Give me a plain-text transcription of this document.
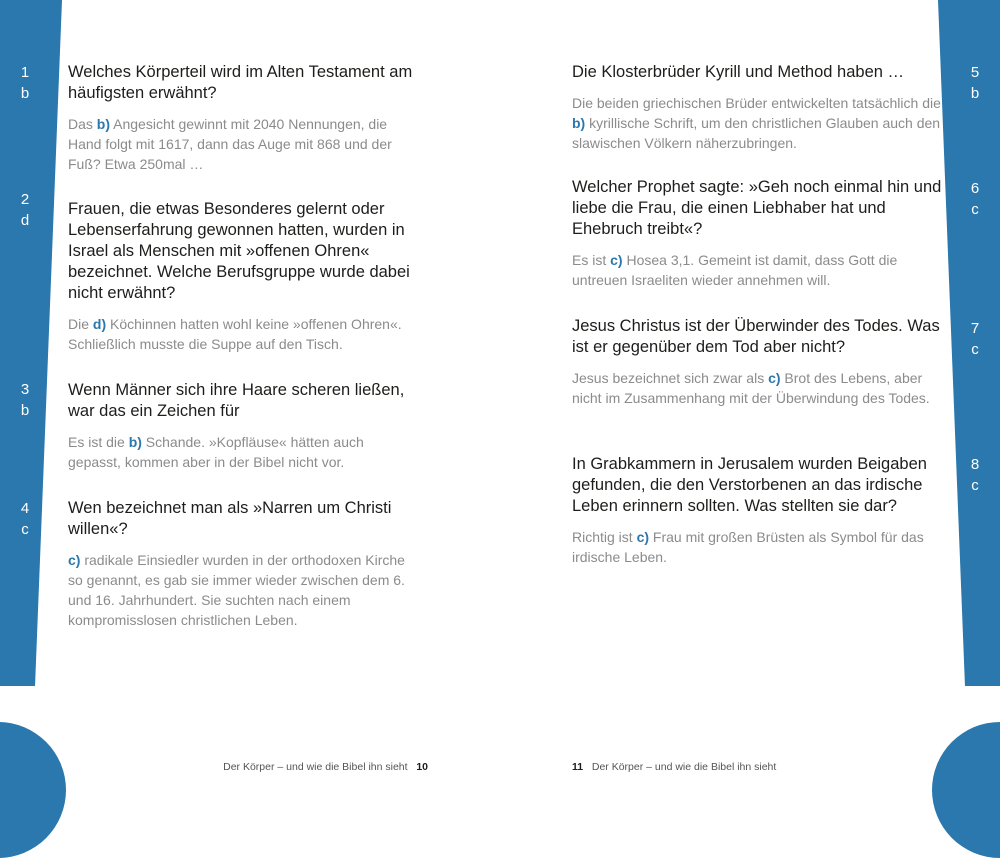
1
b
2
d
3
b
4
c
5
b
6
c
7
c
8
c

Welches Körperteil wird im Alten Testament am häufigsten erwähnt?

Das b) Angesicht gewinnt mit 2040 Nennungen, die Hand folgt mit 1617, dann das Auge mit 868 und der Fuß? Etwa 250mal …

Frauen, die etwas Besonderes gelernt oder Lebenserfahrung gewonnen hatten, wurden in Israel als Menschen mit »offenen Ohren« bezeichnet. Welche Berufsgruppe wurde dabei nicht erwähnt?

Die d) Köchinnen hatten wohl keine »offenen Ohren«. Schließlich musste die Suppe auf den Tisch.

Wenn Männer sich ihre Haare scheren ließen, war das ein Zeichen für

Es ist die b) Schande. »Kopfläuse« hätten auch gepasst, kommen aber in der Bibel nicht vor.

Wen bezeichnet man als »Narren um Christi willen«?

c) radikale Einsiedler wurden in der orthodoxen Kirche so genannt, es gab sie immer wieder zwischen dem 6. und 16. Jahrhundert. Sie suchten nach einem kompromisslosen christlichen Leben.

Die Klosterbrüder Kyrill und Method haben …

Die beiden griechischen Brüder entwickelten tatsächlich die b) kyrillische Schrift, um den christlichen Glauben auch den slawischen Völkern näherzubringen.

Welcher Prophet sagte: »Geh noch einmal hin und liebe die Frau, die einen Liebhaber hat und Ehebruch treibt«?

Es ist c) Hosea 3,1. Gemeint ist damit, dass Gott die untreuen Israeliten wieder annehmen will.

Jesus Christus ist der Überwinder des Todes. Was ist er gegenüber dem Tod aber nicht?

Jesus bezeichnet sich zwar als c) Brot des Lebens, aber nicht im Zusammenhang mit der Überwindung des Todes.

In Grabkammern in Jerusalem wurden Beigaben gefunden, die den Verstorbenen an das irdische Leben erinnern sollten. Was stellten sie dar?

Richtig ist c) Frau mit großen Brüsten als Symbol für das irdische Leben.

Der Körper – und wie die Bibel ihn sieht 10	11 Der Körper – und wie die Bibel ihn sieht
